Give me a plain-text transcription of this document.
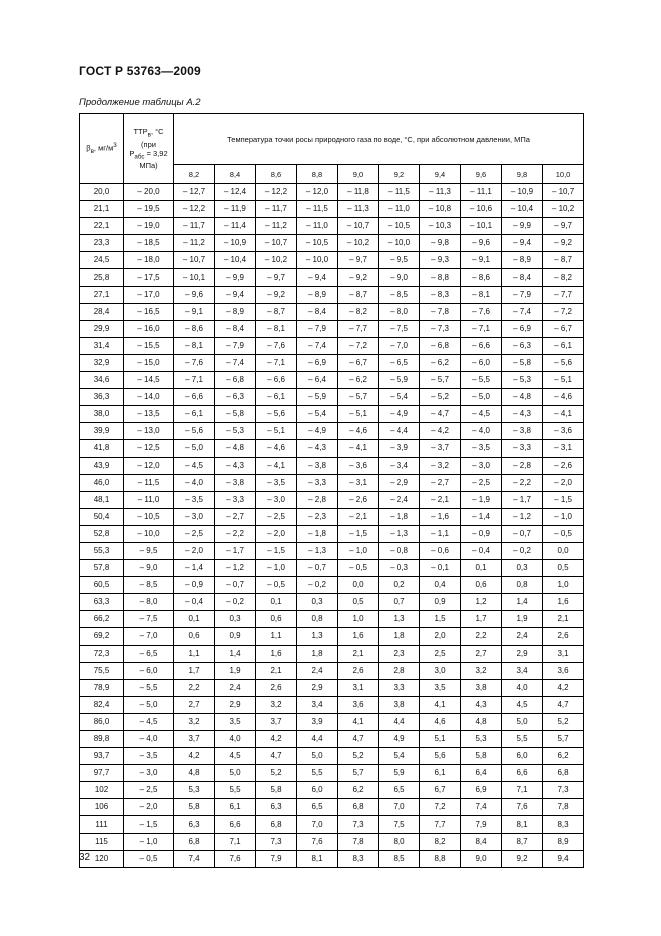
ГОСТ Р 53763—2009
Продолжение таблицы А.2
$\beta_в$, $мг/м^3$	$ТТР_в$, °С
(при
$Р_{абс} = 3,92$ МПа)	Температура точки росы природного газа по воде, °С, при абсолютном давлении, МПа									
		8,2	8,4	8,6	8,8	9,0	9,2	9,4	9,6	9,8	10,0
20,0	– 20,0	– 12,7	– 12,4	– 12,2	– 12,0	– 11,8	– 11,5	– 11,3	– 11,1	– 10,9	– 10,7
21,1	– 19,5	– 12,2	– 11,9	– 11,7	– 11,5	– 11,3	– 11,0	– 10,8	– 10,6	– 10,4	– 10,2
22,1	– 19,0	– 11,7	– 11,4	– 11,2	– 11,0	– 10,7	– 10,5	– 10,3	– 10,1	– 9,9	– 9,7
23,3	– 18,5	– 11,2	– 10,9	– 10,7	– 10,5	– 10,2	– 10,0	– 9,8	– 9,6	– 9,4	– 9,2
24,5	– 18,0	– 10,7	– 10,4	– 10,2	– 10,0	– 9,7	– 9,5	– 9,3	– 9,1	– 8,9	– 8,7
25,8	– 17,5	– 10,1	– 9,9	– 9,7	– 9,4	– 9,2	– 9,0	– 8,8	– 8,6	– 8,4	– 8,2
27,1	– 17,0	– 9,6	– 9,4	– 9,2	– 8,9	– 8,7	– 8,5	– 8,3	– 8,1	– 7,9	– 7,7
28,4	– 16,5	– 9,1	– 8,9	– 8,7	– 8,4	– 8,2	– 8,0	– 7,8	– 7,6	– 7,4	– 7,2
29,9	– 16,0	– 8,6	– 8,4	– 8,1	– 7,9	– 7,7	– 7,5	– 7,3	– 7,1	– 6,9	– 6,7
31,4	– 15,5	– 8,1	– 7,9	– 7,6	– 7,4	– 7,2	– 7,0	– 6,8	– 6,6	– 6,3	– 6,1
32,9	– 15,0	– 7,6	– 7,4	– 7,1	– 6,9	– 6,7	– 6,5	– 6,2	– 6,0	– 5,8	– 5,6
34,6	– 14,5	– 7,1	– 6,8	– 6,6	– 6,4	– 6,2	– 5,9	– 5,7	– 5,5	– 5,3	– 5,1
36,3	– 14,0	– 6,6	– 6,3	– 6,1	– 5,9	– 5,7	– 5,4	– 5,2	– 5,0	– 4,8	– 4,6
38,0	– 13,5	– 6,1	– 5,8	– 5,6	– 5,4	– 5,1	– 4,9	– 4,7	– 4,5	– 4,3	– 4,1
39,9	– 13,0	– 5,6	– 5,3	– 5,1	– 4,9	– 4,6	– 4,4	– 4,2	– 4,0	– 3,8	– 3,6
41,8	– 12,5	– 5,0	– 4,8	– 4,6	– 4,3	– 4,1	– 3,9	– 3,7	– 3,5	– 3,3	– 3,1
43,9	– 12,0	– 4,5	– 4,3	– 4,1	– 3,8	– 3,6	– 3,4	– 3,2	– 3,0	– 2,8	– 2,6
46,0	– 11,5	– 4,0	– 3,8	– 3,5	– 3,3	– 3,1	– 2,9	– 2,7	– 2,5	– 2,2	– 2,0
48,1	– 11,0	– 3,5	– 3,3	– 3,0	– 2,8	– 2,6	– 2,4	– 2,1	– 1,9	– 1,7	– 1,5
50,4	– 10,5	– 3,0	– 2,7	– 2,5	– 2,3	– 2,1	– 1,8	– 1,6	– 1,4	– 1,2	– 1,0
52,8	– 10,0	– 2,5	– 2,2	– 2,0	– 1,8	– 1,5	– 1,3	– 1,1	– 0,9	– 0,7	– 0,5
55,3	– 9,5	– 2,0	– 1,7	– 1,5	– 1,3	– 1,0	– 0,8	– 0,6	– 0,4	– 0,2	0,0
57,8	– 9,0	– 1,4	– 1,2	– 1,0	– 0,7	– 0,5	– 0,3	– 0,1	0,1	0,3	0,5
60,5	– 8,5	– 0,9	– 0,7	– 0,5	– 0,2	0,0	0,2	0,4	0,6	0,8	1,0
63,3	– 8,0	– 0,4	– 0,2	0,1	0,3	0,5	0,7	0,9	1,2	1,4	1,6
66,2	– 7,5	0,1	0,3	0,6	0,8	1,0	1,3	1,5	1,7	1,9	2,1
69,2	– 7,0	0,6	0,9	1,1	1,3	1,6	1,8	2,0	2,2	2,4	2,6
72,3	– 6,5	1,1	1,4	1,6	1,8	2,1	2,3	2,5	2,7	2,9	3,1
75,5	– 6,0	1,7	1,9	2,1	2,4	2,6	2,8	3,0	3,2	3,4	3,6
78,9	– 5,5	2,2	2,4	2,6	2,9	3,1	3,3	3,5	3,8	4,0	4,2
82,4	– 5,0	2,7	2,9	3,2	3,4	3,6	3,8	4,1	4,3	4,5	4,7
86,0	– 4,5	3,2	3,5	3,7	3,9	4,1	4,4	4,6	4,8	5,0	5,2
89,8	– 4,0	3,7	4,0	4,2	4,4	4,7	4,9	5,1	5,3	5,5	5,7
93,7	– 3,5	4,2	4,5	4,7	5,0	5,2	5,4	5,6	5,8	6,0	6,2
97,7	– 3,0	4,8	5,0	5,2	5,5	5,7	5,9	6,1	6,4	6,6	6,8
102	– 2,5	5,3	5,5	5,8	6,0	6,2	6,5	6,7	6,9	7,1	7,3
106	– 2,0	5,8	6,1	6,3	6,5	6,8	7,0	7,2	7,4	7,6	7,8
111	– 1,5	6,3	6,6	6,8	7,0	7,3	7,5	7,7	7,9	8,1	8,3
115	– 1,0	6,8	7,1	7,3	7,6	7,8	8,0	8,2	8,4	8,7	8,9
120	– 0,5	7,4	7,6	7,9	8,1	8,3	8,5	8,8	9,0	9,2	9,4
32
